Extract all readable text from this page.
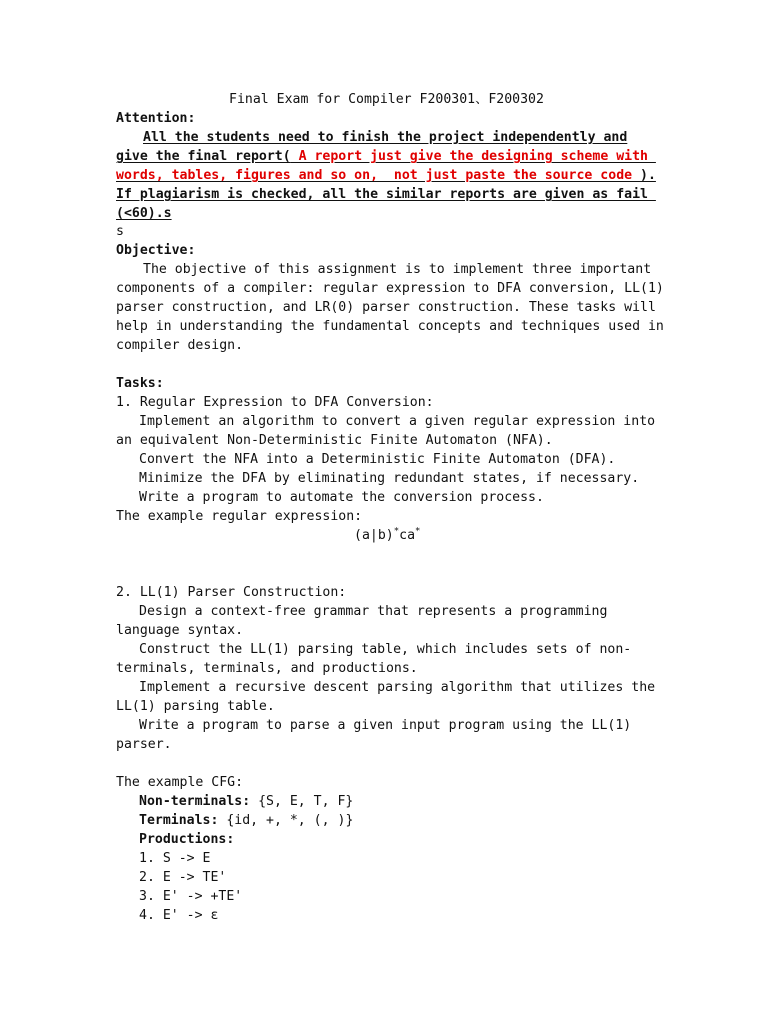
Final Exam for Compiler F200301、F200302
Attention:
All the students need to finish the project independently and
give the final report( A report just give the designing scheme with
words, tables, figures and so on,  not just paste the source code ).
If plagiarism is checked, all the similar reports are given as fail
(<60).s
s
Objective:
The objective of this assignment is to implement three important
components of a compiler: regular expression to DFA conversion, LL(1)
parser construction, and LR(0) parser construction. These tasks will
help in understanding the fundamental concepts and techniques used in
compiler design.
Tasks:
1. Regular Expression to DFA Conversion:
Implement an algorithm to convert a given regular expression into
an equivalent Non-Deterministic Finite Automaton (NFA).
Convert the NFA into a Deterministic Finite Automaton (DFA).
Minimize the DFA by eliminating redundant states, if necessary.
Write a program to automate the conversion process.
The example regular expression:
(a|b)*ca*
2. LL(1) Parser Construction:
Design a context-free grammar that represents a programming
language syntax.
Construct the LL(1) parsing table, which includes sets of non-
terminals, terminals, and productions.
Implement a recursive descent parsing algorithm that utilizes the
LL(1) parsing table.
Write a program to parse a given input program using the LL(1)
parser.
The example CFG:
Non-terminals: {S, E, T, F}
Terminals: {id, +, *, (, )}
Productions:
1. S -> E
2. E -> TE'
3. E' -> +TE'
4. E' -> ε
